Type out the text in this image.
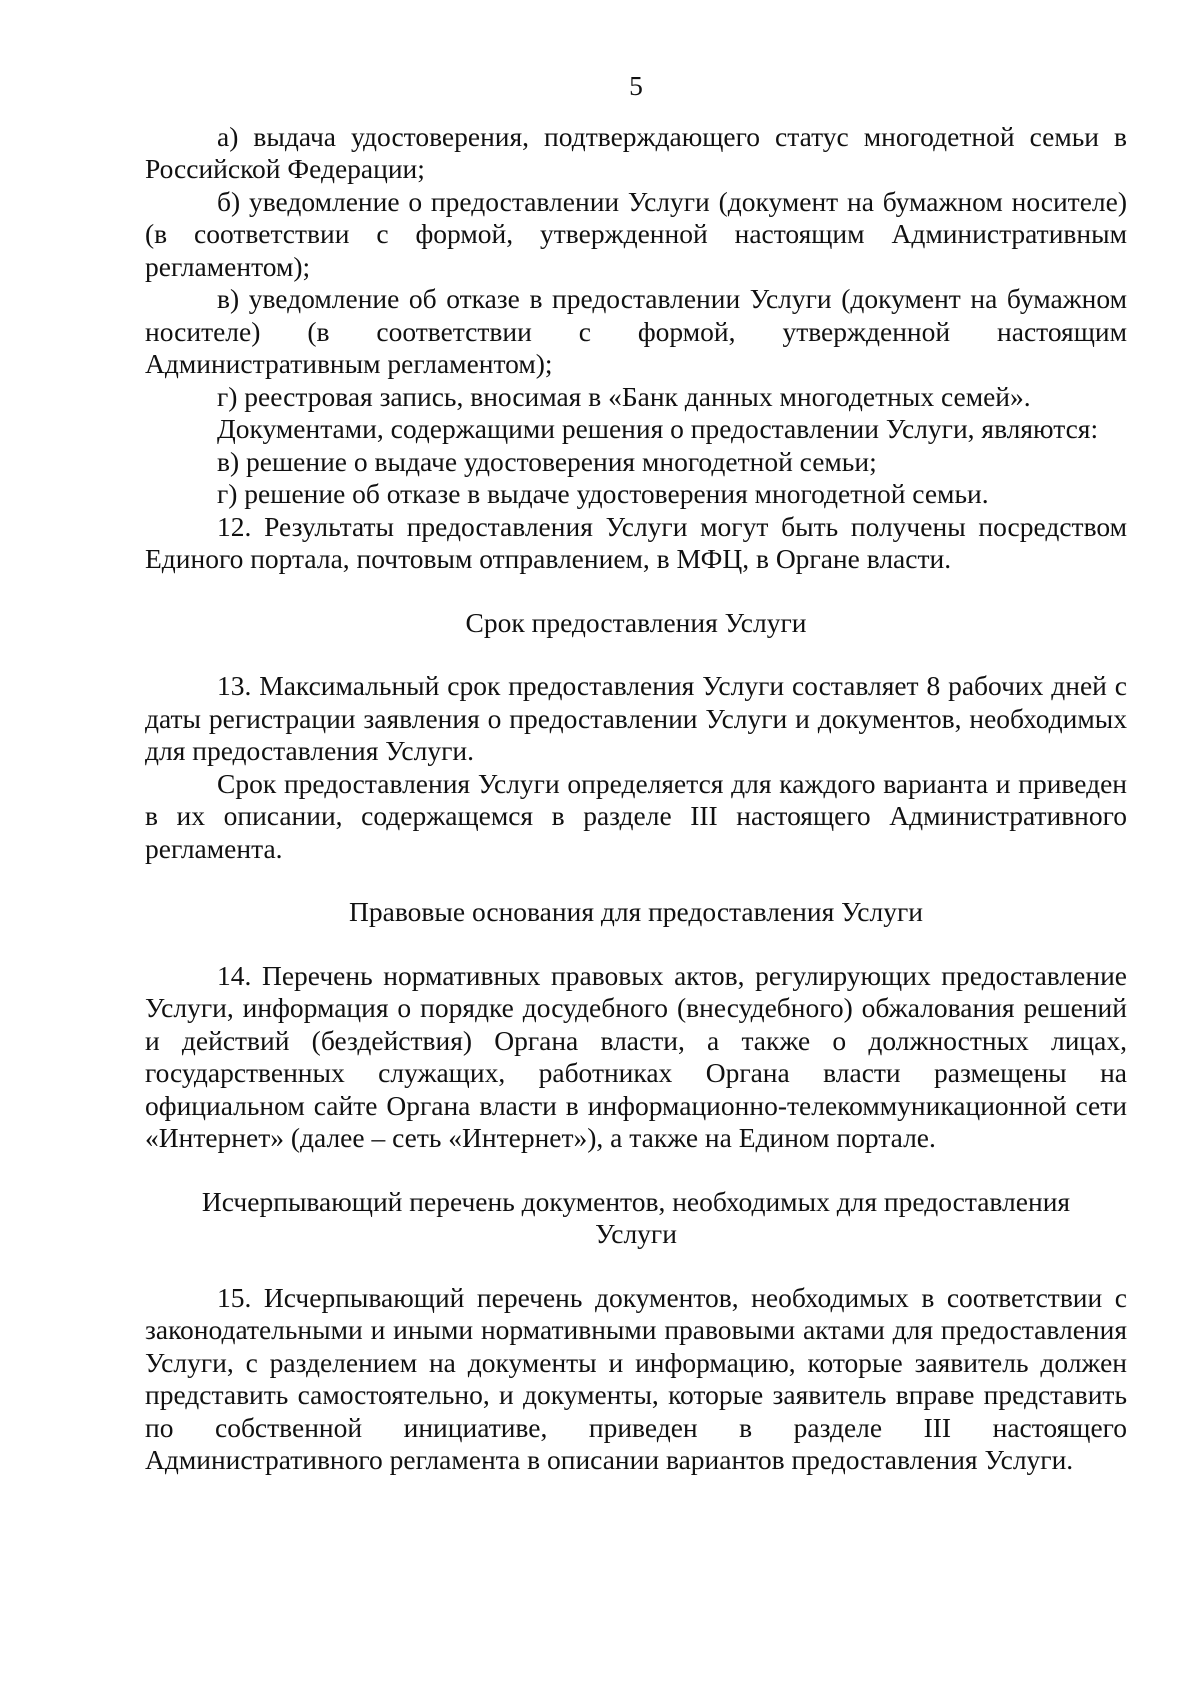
5

а) выдача удостоверения, подтверждающего статус многодетной семьи в Российской Федерации;

б) уведомление о предоставлении Услуги (документ на бумажном носителе) (в соответствии с формой, утвержденной настоящим Административным регламентом);

в) уведомление об отказе в предоставлении Услуги (документ на бумажном носителе) (в соответствии с формой, утвержденной настоящим Административным регламентом);

г) реестровая запись, вносимая в «Банк данных многодетных семей».

Документами, содержащими решения о предоставлении Услуги, являются:

в) решение о выдаче удостоверения многодетной семьи;

г) решение об отказе в выдаче удостоверения многодетной семьи.

12. Результаты предоставления Услуги могут быть получены посредством Единого портала, почтовым отправлением, в МФЦ, в Органе власти.

Срок предоставления Услуги

13. Максимальный срок предоставления Услуги составляет 8 рабочих дней с даты регистрации заявления о предоставлении Услуги и документов, необходимых для предоставления Услуги.

Срок предоставления Услуги определяется для каждого варианта и приведен в их описании, содержащемся в разделе III настоящего Административного регламента.

Правовые основания для предоставления Услуги

14. Перечень нормативных правовых актов, регулирующих предоставление Услуги, информация о порядке досудебного (внесудебного) обжалования решений и действий (бездействия) Органа власти, а также о должностных лицах, государственных служащих, работниках Органа власти размещены на официальном сайте Органа власти в информационно-телекоммуникационной сети «Интернет» (далее – сеть «Интернет»), а также на Едином портале.

Исчерпывающий перечень документов, необходимых для предоставления Услуги

15. Исчерпывающий перечень документов, необходимых в соответствии с законодательными и иными нормативными правовыми актами для предоставления Услуги, с разделением на документы и информацию, которые заявитель должен представить самостоятельно, и документы, которые заявитель вправе представить по собственной инициативе, приведен в разделе III настоящего Административного регламента в описании вариантов предоставления Услуги.
